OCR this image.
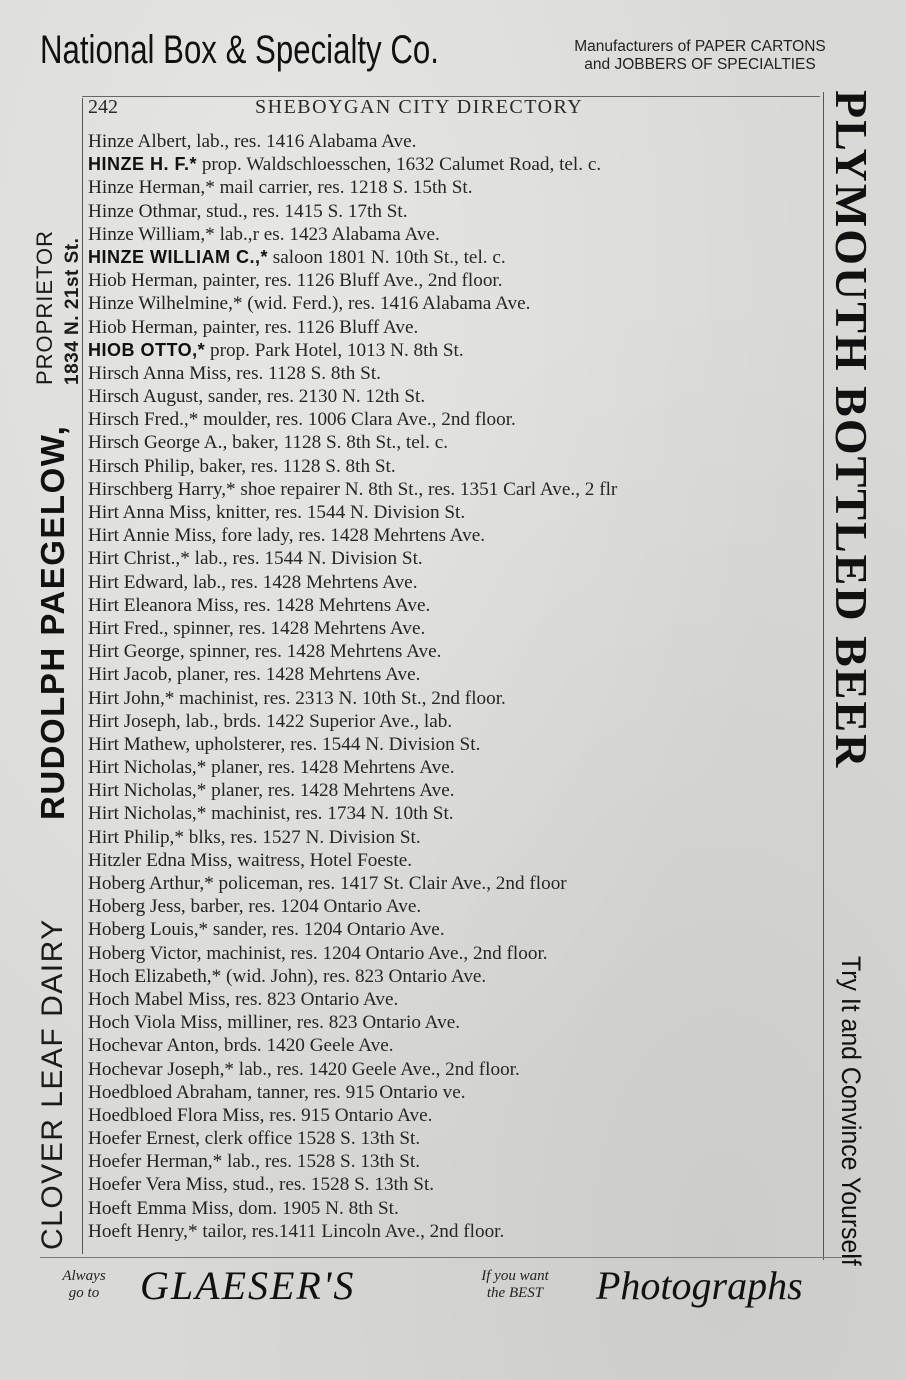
National Box & Specialty Co.	Manufacturers of PAPER CARTONS
and JOBBERS OF SPECIALTIES
242	SHEBOYGAN CITY DIRECTORY
CLOVER LEAF DAIRY
RUDOLPH PAEGELOW,
PROPRIETOR 1834 N. 21st St.	PLYMOUTH BOTTLED BEER
Try It and Convince Yourself
Hinze Albert, lab., res. 1416 Alabama Ave.
HINZE H. F.* prop. Waldschloesschen, 1632 Calumet Road, tel. c.
Hinze Herman,* mail carrier, res. 1218 S. 15th St.
Hinze Othmar, stud., res. 1415 S. 17th St.
Hinze William,* lab.,r es. 1423 Alabama Ave.
HINZE WILLIAM C.,* saloon 1801 N. 10th St., tel. c.
Hiob Herman, painter, res. 1126 Bluff Ave., 2nd floor.
Hinze Wilhelmine,* (wid. Ferd.), res. 1416 Alabama Ave.
Hiob Herman, painter, res. 1126 Bluff Ave.
HIOB OTTO,* prop. Park Hotel, 1013 N. 8th St.
Hirsch Anna Miss, res. 1128 S. 8th St.
Hirsch August, sander, res. 2130 N. 12th St.
Hirsch Fred.,* moulder, res. 1006 Clara Ave., 2nd floor.
Hirsch George A., baker, 1128 S. 8th St., tel. c.
Hirsch Philip, baker, res. 1128 S. 8th St.
Hirschberg Harry,* shoe repairer N. 8th St., res. 1351 Carl Ave., 2 flr
Hirt Anna Miss, knitter, res. 1544 N. Division St.
Hirt Annie Miss, fore lady, res. 1428 Mehrtens Ave.
Hirt Christ.,* lab., res. 1544 N. Division St.
Hirt Edward, lab., res. 1428 Mehrtens Ave.
Hirt Eleanora Miss, res. 1428 Mehrtens Ave.
Hirt Fred., spinner, res. 1428 Mehrtens Ave.
Hirt George, spinner, res. 1428 Mehrtens Ave.
Hirt Jacob, planer, res. 1428 Mehrtens Ave.
Hirt John,* machinist, res. 2313 N. 10th St., 2nd floor.
Hirt Joseph, lab., brds. 1422 Superior Ave., lab.
Hirt Mathew, upholsterer, res. 1544 N. Division St.
Hirt Nicholas,* planer, res. 1428 Mehrtens Ave.
Hirt Nicholas,* planer, res. 1428 Mehrtens Ave.
Hirt Nicholas,* machinist, res. 1734 N. 10th St.
Hirt Philip,* blks, res. 1527 N. Division St.
Hitzler Edna Miss, waitress, Hotel Foeste.
Hoberg Arthur,* policeman, res. 1417 St. Clair Ave., 2nd floor
Hoberg Jess, barber, res. 1204 Ontario Ave.
Hoberg Louis,* sander, res. 1204 Ontario Ave.
Hoberg Victor, machinist, res. 1204 Ontario Ave., 2nd floor.
Hoch Elizabeth,* (wid. John), res. 823 Ontario Ave.
Hoch Mabel Miss, res. 823 Ontario Ave.
Hoch Viola Miss, milliner, res. 823 Ontario Ave.
Hochevar Anton, brds. 1420 Geele Ave.
Hochevar Joseph,* lab., res. 1420 Geele Ave., 2nd floor.
Hoedbloed Abraham, tanner, res. 915 Ontario ve.
Hoedbloed Flora Miss, res. 915 Ontario Ave.
Hoefer Ernest, clerk office 1528 S. 13th St.
Hoefer Herman,* lab., res. 1528 S. 13th St.
Hoefer Vera Miss, stud., res. 1528 S. 13th St.
Hoeft Emma Miss, dom. 1905 N. 8th St.
Hoeft Henry,* tailor, res.1411 Lincoln Ave., 2nd floor.
Always
go to	GLAESER'S	If you want
the BEST	Photographs
